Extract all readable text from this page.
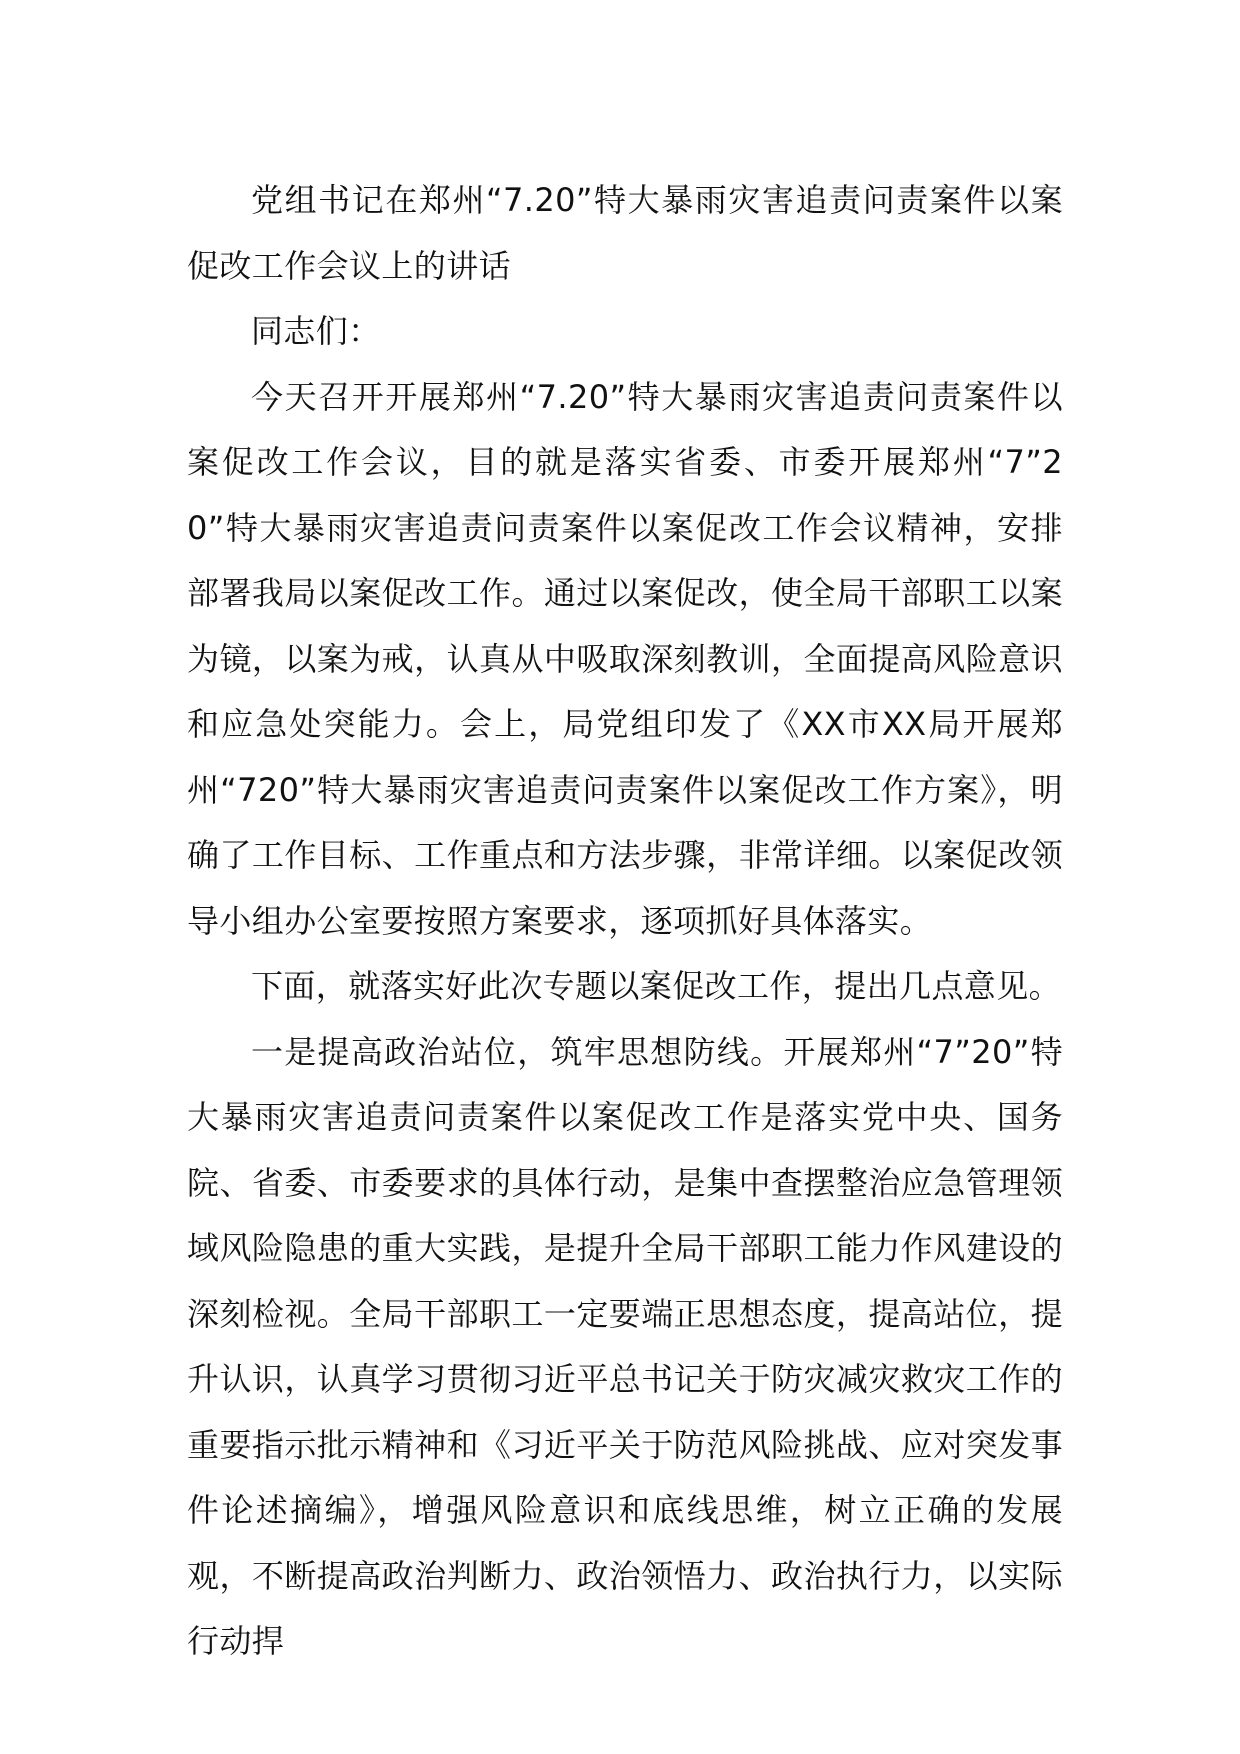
党组书记在郑州“7.20”特大暴雨灾害追责问责案件以案促改工作会议上的讲话

同志们：

今天召开开展郑州“7.20”特大暴雨灾害追责问责案件以案促改工作会议，目的就是落实省委、市委开展郑州“7”20”特大暴雨灾害追责问责案件以案促改工作会议精神，安排部署我局以案促改工作。通过以案促改，使全局干部职工以案为镜，以案为戒，认真从中吸取深刻教训，全面提高风险意识和应急处突能力。会上，局党组印发了《XX市XX局开展郑州“720”特大暴雨灾害追责问责案件以案促改工作方案》，明确了工作目标、工作重点和方法步骤，非常详细。以案促改领导小组办公室要按照方案要求，逐项抓好具体落实。

下面，就落实好此次专题以案促改工作，提出几点意见。

一是提高政治站位，筑牢思想防线。开展郑州“7”20”特大暴雨灾害追责问责案件以案促改工作是落实党中央、国务院、省委、市委要求的具体行动，是集中查摆整治应急管理领域风险隐患的重大实践，是提升全局干部职工能力作风建设的深刻检视。全局干部职工一定要端正思想态度，提高站位，提升认识，认真学习贯彻习近平总书记关于防灾减灾救灾工作的重要指示批示精神和《习近平关于防范风险挑战、应对突发事件论述摘编》，增强风险意识和底线思维，树立正确的发展观，不断提高政治判断力、政治领悟力、政治执行力，以实际行动捍
